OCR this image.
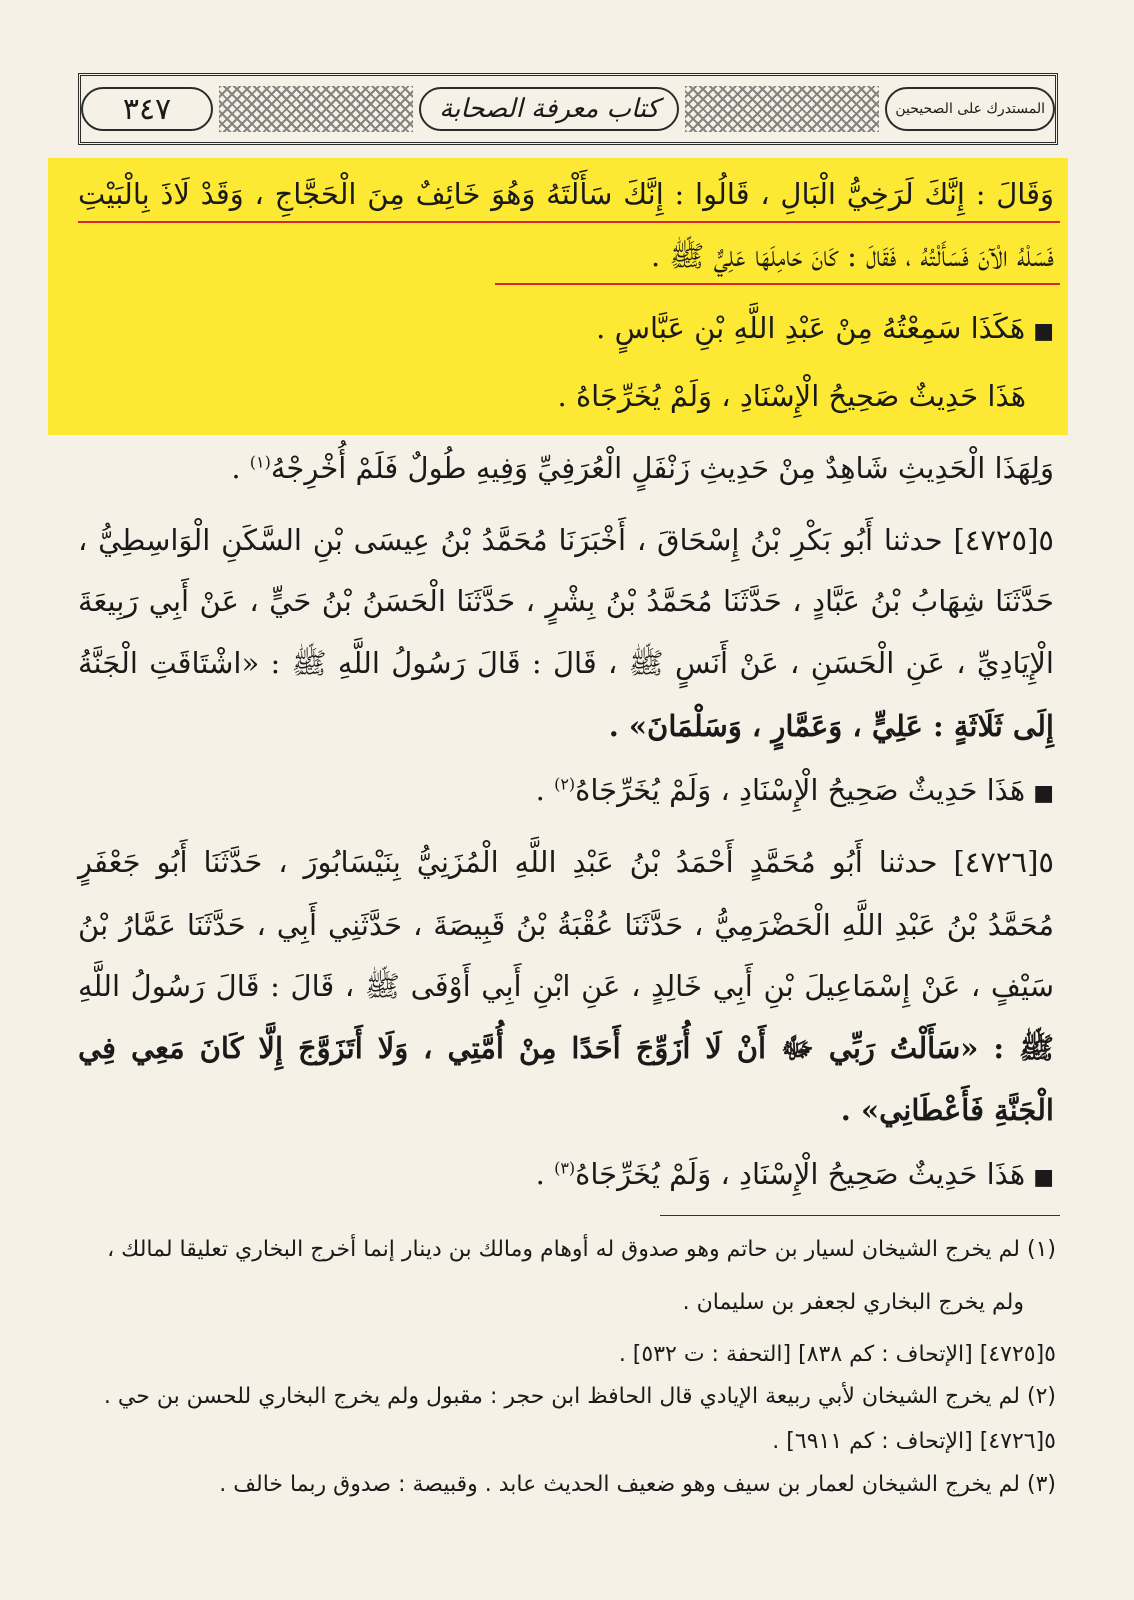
٣٤٧	كتاب معرفة الصحابة	المستدرك على الصحيحين
وَقَالَ : إِنَّكَ لَرَخِيُّ الْبَالِ ، قَالُوا : إِنَّكَ سَأَلْتَهُ وَهُوَ خَائِفٌ مِنَ الْحَجَّاجِ ، وَقَدْ لَاذَ بِالْبَيْتِ
فَسَلْهُ الْآنَ فَسَأَلْتُهُ ، فَقَالَ : كَانَ حَامِلَهَا عَلِيٌّ ﷺ .
■هَكَذَا سَمِعْتُهُ مِنْ عَبْدِ اللَّهِ بْنِ عَبَّاسٍ .
هَذَا حَدِيثٌ صَحِيحُ الْإِسْنَادِ ، وَلَمْ يُخَرِّجَاهُ .
وَلِهَذَا الْحَدِيثِ شَاهِدٌ مِنْ حَدِيثِ زَنْفَلٍ الْعُرَفِيِّ وَفِيهِ طُولٌ فَلَمْ أُخْرِجْهُ$^{(١)}$ .
٥[٤٧٢٥] حدثنا أَبُو بَكْرِ بْنُ إِسْحَاقَ ، أَخْبَرَنَا مُحَمَّدُ بْنُ عِيسَى بْنِ السَّكَنِ الْوَاسِطِيُّ ،
حَدَّثَنَا شِهَابُ بْنُ عَبَّادٍ ، حَدَّثَنَا مُحَمَّدُ بْنُ بِشْرٍ ، حَدَّثَنَا الْحَسَنُ بْنُ حَيٍّ ، عَنْ أَبِي رَبِيعَةَ
الْإِيَادِيِّ ، عَنِ الْحَسَنِ ، عَنْ أَنَسٍ ﷺ ، قَالَ : قَالَ رَسُولُ اللَّهِ ﷺ : «اشْتَاقَتِ الْجَنَّةُ
إِلَى ثَلَاثَةٍ : عَلِيٍّ ، وَعَمَّارٍ ، وَسَلْمَانَ» .
■هَذَا حَدِيثٌ صَحِيحُ الْإِسْنَادِ ، وَلَمْ يُخَرِّجَاهُ$^{(٢)}$ .
٥[٤٧٢٦] حدثنا أَبُو مُحَمَّدٍ أَحْمَدُ بْنُ عَبْدِ اللَّهِ الْمُزَنِيُّ بِنَيْسَابُورَ ، حَدَّثَنَا أَبُو جَعْفَرٍ
مُحَمَّدُ بْنُ عَبْدِ اللَّهِ الْحَضْرَمِيُّ ، حَدَّثَنَا عُقْبَةُ بْنُ قَبِيصَةَ ، حَدَّثَنِي أَبِي ، حَدَّثَنَا عَمَّارُ بْنُ
سَيْفٍ ، عَنْ إِسْمَاعِيلَ بْنِ أَبِي خَالِدٍ ، عَنِ ابْنِ أَبِي أَوْفَى ﷺ ، قَالَ : قَالَ رَسُولُ اللَّهِ
ﷺ : «سَأَلْتُ رَبِّي ﷻ أَنْ لَا أُزَوِّجَ أَحَدًا مِنْ أُمَّتِي ، وَلَا أَتَزَوَّجَ إِلَّا كَانَ مَعِي فِي
الْجَنَّةِ فَأَعْطَانِي» .
■هَذَا حَدِيثٌ صَحِيحُ الْإِسْنَادِ ، وَلَمْ يُخَرِّجَاهُ$^{(٣)}$ .
(١) لم يخرج الشيخان لسيار بن حاتم وهو صدوق له أوهام ومالك بن دينار إنما أخرج البخاري تعليقا لمالك ،
ولم يخرج البخاري لجعفر بن سليمان .
٥[٤٧٢٥] [الإتحاف : كم ٨٣٨] [التحفة : ت ٥٣٢] .
(٢) لم يخرج الشيخان لأبي ربيعة الإيادي قال الحافظ ابن حجر : مقبول ولم يخرج البخاري للحسن بن حي .
٥[٤٧٢٦] [الإتحاف : كم ٦٩١١] .
(٣) لم يخرج الشيخان لعمار بن سيف وهو ضعيف الحديث عابد . وقبيصة : صدوق ربما خالف .
